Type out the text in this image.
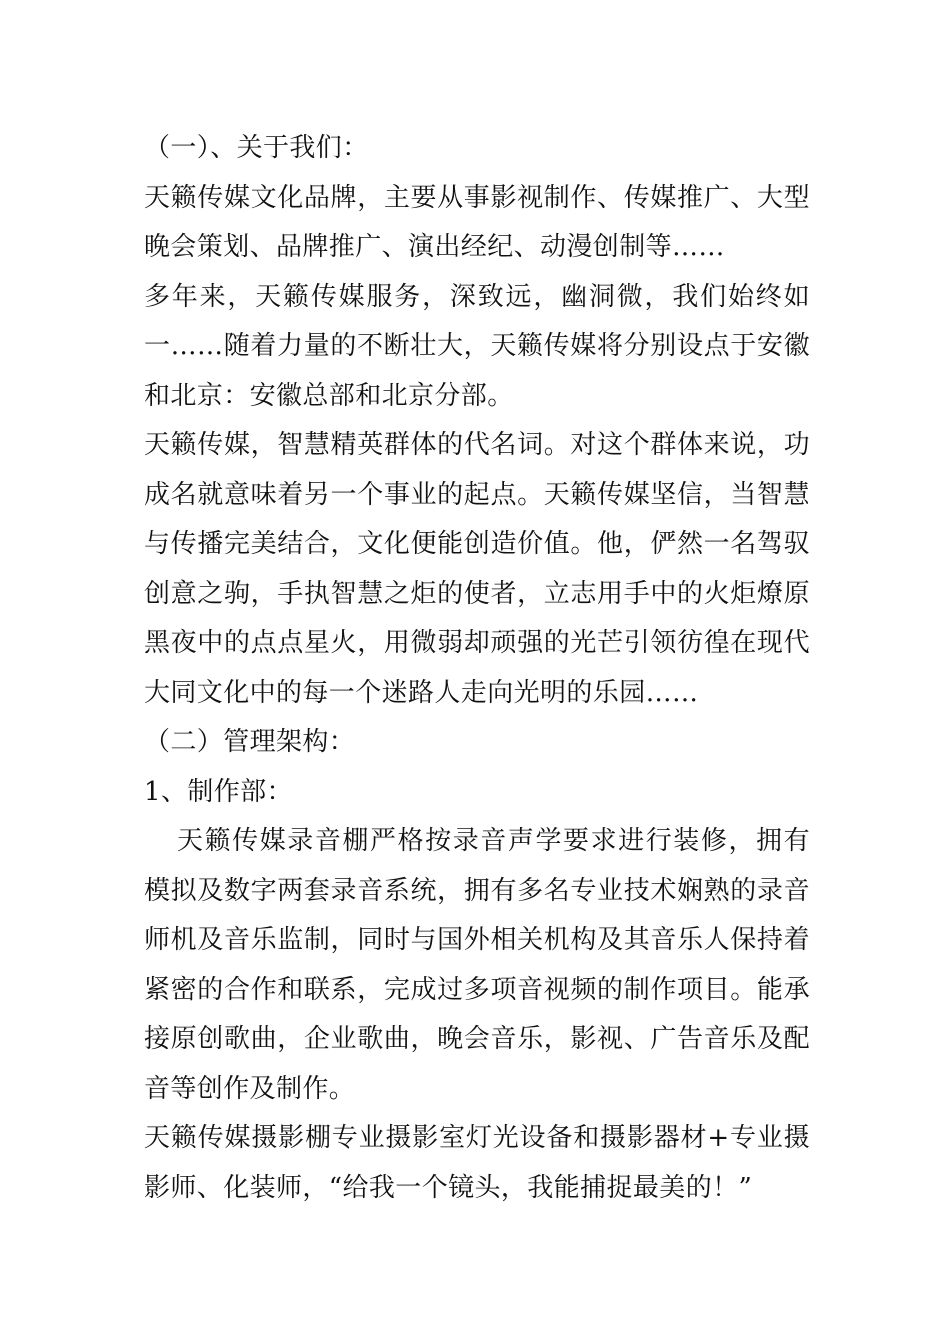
（一）、关于我们：

天籁传媒文化品牌，主要从事影视制作、传媒推广、大型晚会策划、品牌推广、演出经纪、动漫创制等……

多年来，天籁传媒服务，深致远，幽洞微，我们始终如一……随着力量的不断壮大，天籁传媒将分别设点于安徽和北京：安徽总部和北京分部。

天籁传媒，智慧精英群体的代名词。对这个群体来说，功成名就意味着另一个事业的起点。天籁传媒坚信，当智慧与传播完美结合，文化便能创造价值。他，俨然一名驾驭创意之驹，手执智慧之炬的使者，立志用手中的火炬燎原黑夜中的点点星火，用微弱却顽强的光芒引领彷徨在现代大同文化中的每一个迷路人走向光明的乐园……

（二）管理架构：

1、制作部：

天籁传媒录音棚严格按录音声学要求进行装修，拥有模拟及数字两套录音系统，拥有多名专业技术娴熟的录音师机及音乐监制，同时与国外相关机构及其音乐人保持着紧密的合作和联系，完成过多项音视频的制作项目。能承接原创歌曲，企业歌曲，晚会音乐，影视、广告音乐及配音等创作及制作。

天籁传媒摄影棚专业摄影室灯光设备和摄影器材+专业摄影师、化装师，“给我一个镜头，我能捕捉最美的！”
